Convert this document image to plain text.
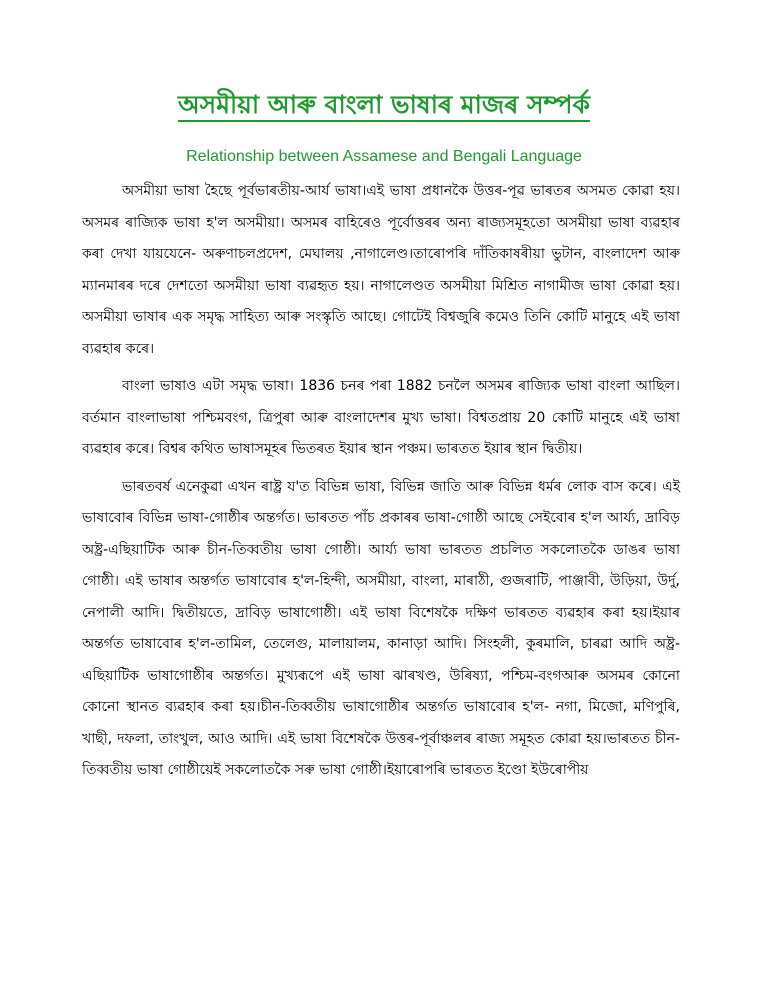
অসমীয়া আৰু বাংলা ভাষাৰ মাজৰ সম্পৰ্ক
Relationship between Assamese and Bengali Language

অসমীয়া ভাষা হৈছে পূৰ্বভাৰতীয়-আৰ্য ভাষা।এই ভাষা প্ৰধানকৈ উত্তৰ-পূৱ ভাৰতৰ অসমত কোৱা হয়। অসমৰ ৰাজ্যিক ভাষা হ'ল অসমীয়া। অসমৰ বাহিৰেও পূৰ্বোত্তৰৰ অন্য ৰাজ্যসমূহতো অসমীয়া ভাষা ব্যৱহাৰ কৰা দেখা যায়যেনে- অৰুণাচলপ্ৰদেশ, মেঘালয় ,নাগালেণ্ড।তাৰোপৰি দাঁতিকাষৰীয়া ভুটান, বাংলাদেশ আৰু ম্যানমাৰৰ দৰে দেশতো অসমীয়া ভাষা ব্যৱহৃত হয়। নাগালেণ্ডত অসমীয়া মিশ্ৰিত নাগামীজ ভাষা কোৱা হয়।অসমীয়া ভাষাৰ এক সমৃদ্ধ সাহিত্য আৰু সংস্কৃতি আছে। গোটেই বিশ্বজুৰি কমেও তিনি কোটি মানুহে এই ভাষা ব্যৱহাৰ কৰে।

বাংলা ভাষাও এটা সমৃদ্ধ ভাষা। 1836 চনৰ পৰা 1882 চনলৈ অসমৰ ৰাজ্যিক ভাষা বাংলা আছিল। বৰ্তমান বাংলাভাষা পশ্চিমবংগ, ত্ৰিপুৰা আৰু বাংলাদেশৰ মুখ্য ভাষা। বিশ্বতপ্ৰায় 20 কোটি মানুহে এই ভাষা ব্যৱহাৰ কৰে। বিশ্বৰ কথিত ভাষাসমূহৰ ভিতৰত ইয়াৰ স্থান পঞ্চম। ভাৰতত ইয়াৰ স্থান দ্বিতীয়।

ভাৰতবৰ্ষ এনেকুৱা এখন ৰাষ্ট্ৰ য'ত বিভিন্ন ভাষা, বিভিন্ন জাতি আৰু বিভিন্ন ধৰ্মৰ লোক বাস কৰে। এই ভাষাবোৰ বিভিন্ন ভাষা-গোষ্ঠীৰ অন্তৰ্গত। ভাৰতত পাঁচ প্ৰকাৰৰ ভাষা-গোষ্ঠী আছে সেইবোৰ হ'ল আৰ্য্য, দ্ৰাবিড় অষ্ট্ৰ-এছিয়াটিক আৰু চীন-তিব্বতীয় ভাষা গোষ্ঠী। আৰ্য্য ভাষা ভাৰতত প্ৰচলিত সকলোতকৈ ডাঙৰ ভাষা গোষ্ঠী। এই ভাষাৰ অন্তৰ্গত ভাষাবোৰ হ'ল-হিন্দী, অসমীয়া, বাংলা, মাৰাঠী, গুজৰাটি, পাঞ্জাবী, উড়িয়া, উৰ্দু, নেপালী আদি। দ্বিতীয়তে, দ্ৰাবিড় ভাষাগোষ্ঠী। এই ভাষা বিশেষকৈ দক্ষিণ ভাৰতত ব্যৱহাৰ কৰা হয়।ইয়াৰ অন্তৰ্গত ভাষাবোৰ হ'ল-তামিল, তেলেগু, মালায়ালম, কানাড়া আদি। সিংহলী, কুৰমালি, চাৰৱা আদি অষ্ট্ৰ-এছিয়াটিক ভাষাগোষ্ঠীৰ অন্তৰ্গত। মুখ্যৰূপে এই ভাষা ঝাৰখণ্ড, উৰিষ্যা, পশ্চিম-বংগআৰু অসমৰ কোনো কোনো স্থানত ব্যৱহাৰ কৰা হয়।চীন-তিব্বতীয় ভাষাগোষ্ঠীৰ অন্তৰ্গত ভাষাবোৰ হ'ল- নগা, মিজো, মণিপুৰি, খাছী, দফলা, তাংখুল, আও আদি। এই ভাষা বিশেষকৈ উত্তৰ-পূৰ্বাঞ্চলৰ ৰাজ্য সমূহত কোৱা হয়।ভাৰতত চীন-তিব্বতীয় ভাষা গোষ্ঠীয়েই সকলোতকৈ সৰু ভাষা গোষ্ঠী।ইয়াৰোপৰি ভাৰতত ইণ্ডো ইউৰোপীয়
